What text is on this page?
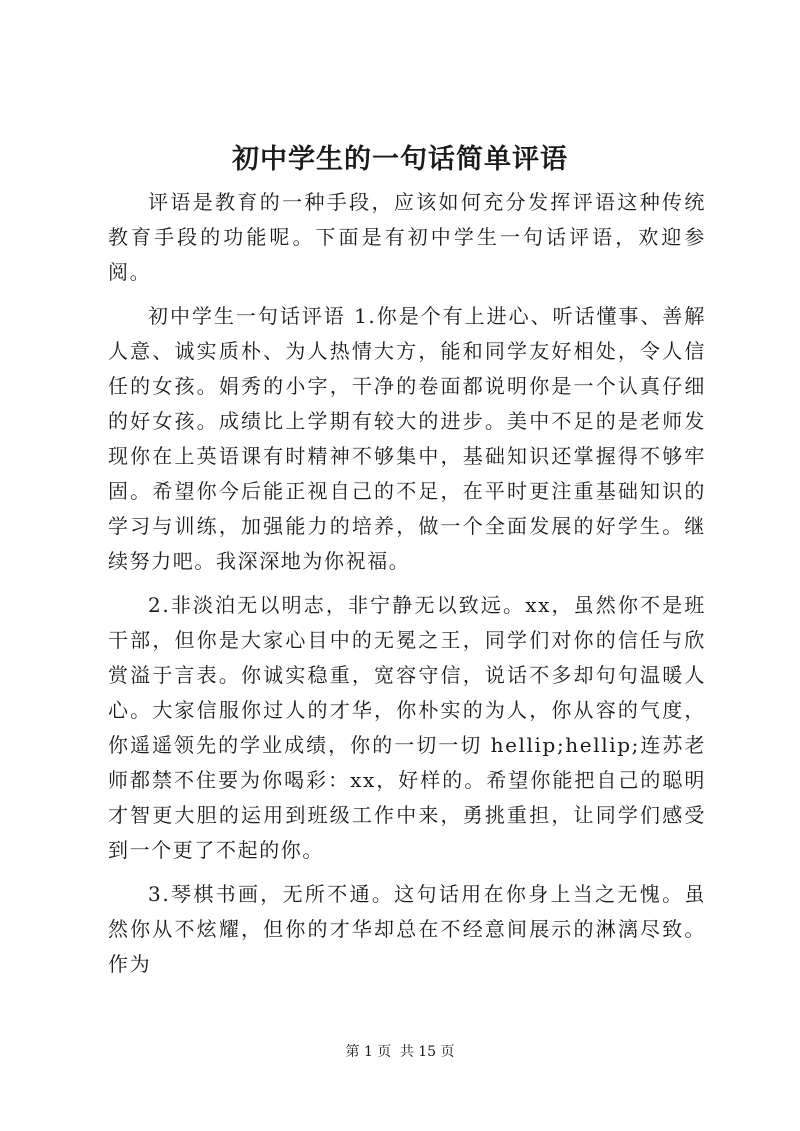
初中学生的一句话简单评语

评语是教育的一种手段，应该如何充分发挥评语这种传统教育手段的功能呢。下面是有初中学生一句话评语，欢迎参阅。

初中学生一句话评语 1.你是个有上进心、听话懂事、善解人意、诚实质朴、为人热情大方，能和同学友好相处，令人信任的女孩。娟秀的小字，干净的卷面都说明你是一个认真仔细的好女孩。成绩比上学期有较大的进步。美中不足的是老师发现你在上英语课有时精神不够集中，基础知识还掌握得不够牢固。希望你今后能正视自己的不足，在平时更注重基础知识的学习与训练，加强能力的培养，做一个全面发展的好学生。继续努力吧。我深深地为你祝福。

2.非淡泊无以明志，非宁静无以致远。xx，虽然你不是班干部，但你是大家心目中的无冕之王，同学们对你的信任与欣赏溢于言表。你诚实稳重，宽容守信，说话不多却句句温暖人心。大家信服你过人的才华，你朴实的为人，你从容的气度，你遥遥领先的学业成绩，你的一切一切 hellip;hellip;连苏老师都禁不住要为你喝彩：xx，好样的。希望你能把自己的聪明才智更大胆的运用到班级工作中来，勇挑重担，让同学们感受到一个更了不起的你。

3.琴棋书画，无所不通。这句话用在你身上当之无愧。虽然你从不炫耀，但你的才华却总在不经意间展示的淋漓尽致。作为

第 1 页 共 15 页
